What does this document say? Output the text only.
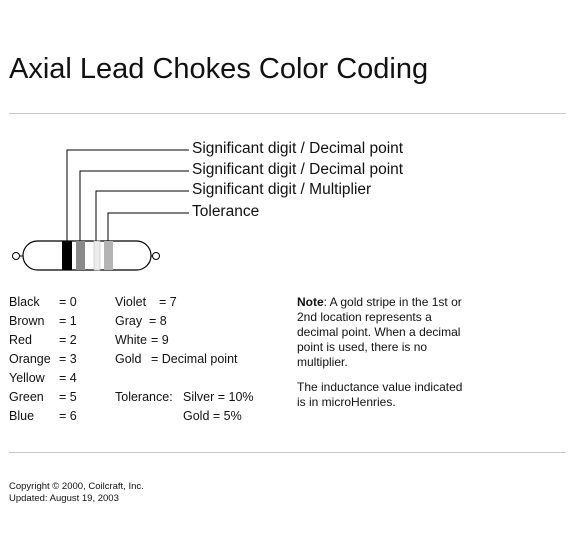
Axial Lead Chokes Color Coding
Significant digit / Decimal point
Significant digit / Decimal point
Significant digit / Multiplier
Tolerance
Black = 0
Brown = 1
Red = 2
Orange = 3
Yellow = 4
Green = 5
Blue = 6
Violet = 7
Gray = 8
White = 9
Gold = Decimal point
Tolerance: Silver = 10%
Gold = 5%
Note: A gold stripe in the 1st or 2nd location represents a decimal point. When a decimal point is used, there is no multiplier.
The inductance value indicated is in microHenries.
Copyright © 2000, Coilcraft, Inc.
Updated: August 19, 2003
